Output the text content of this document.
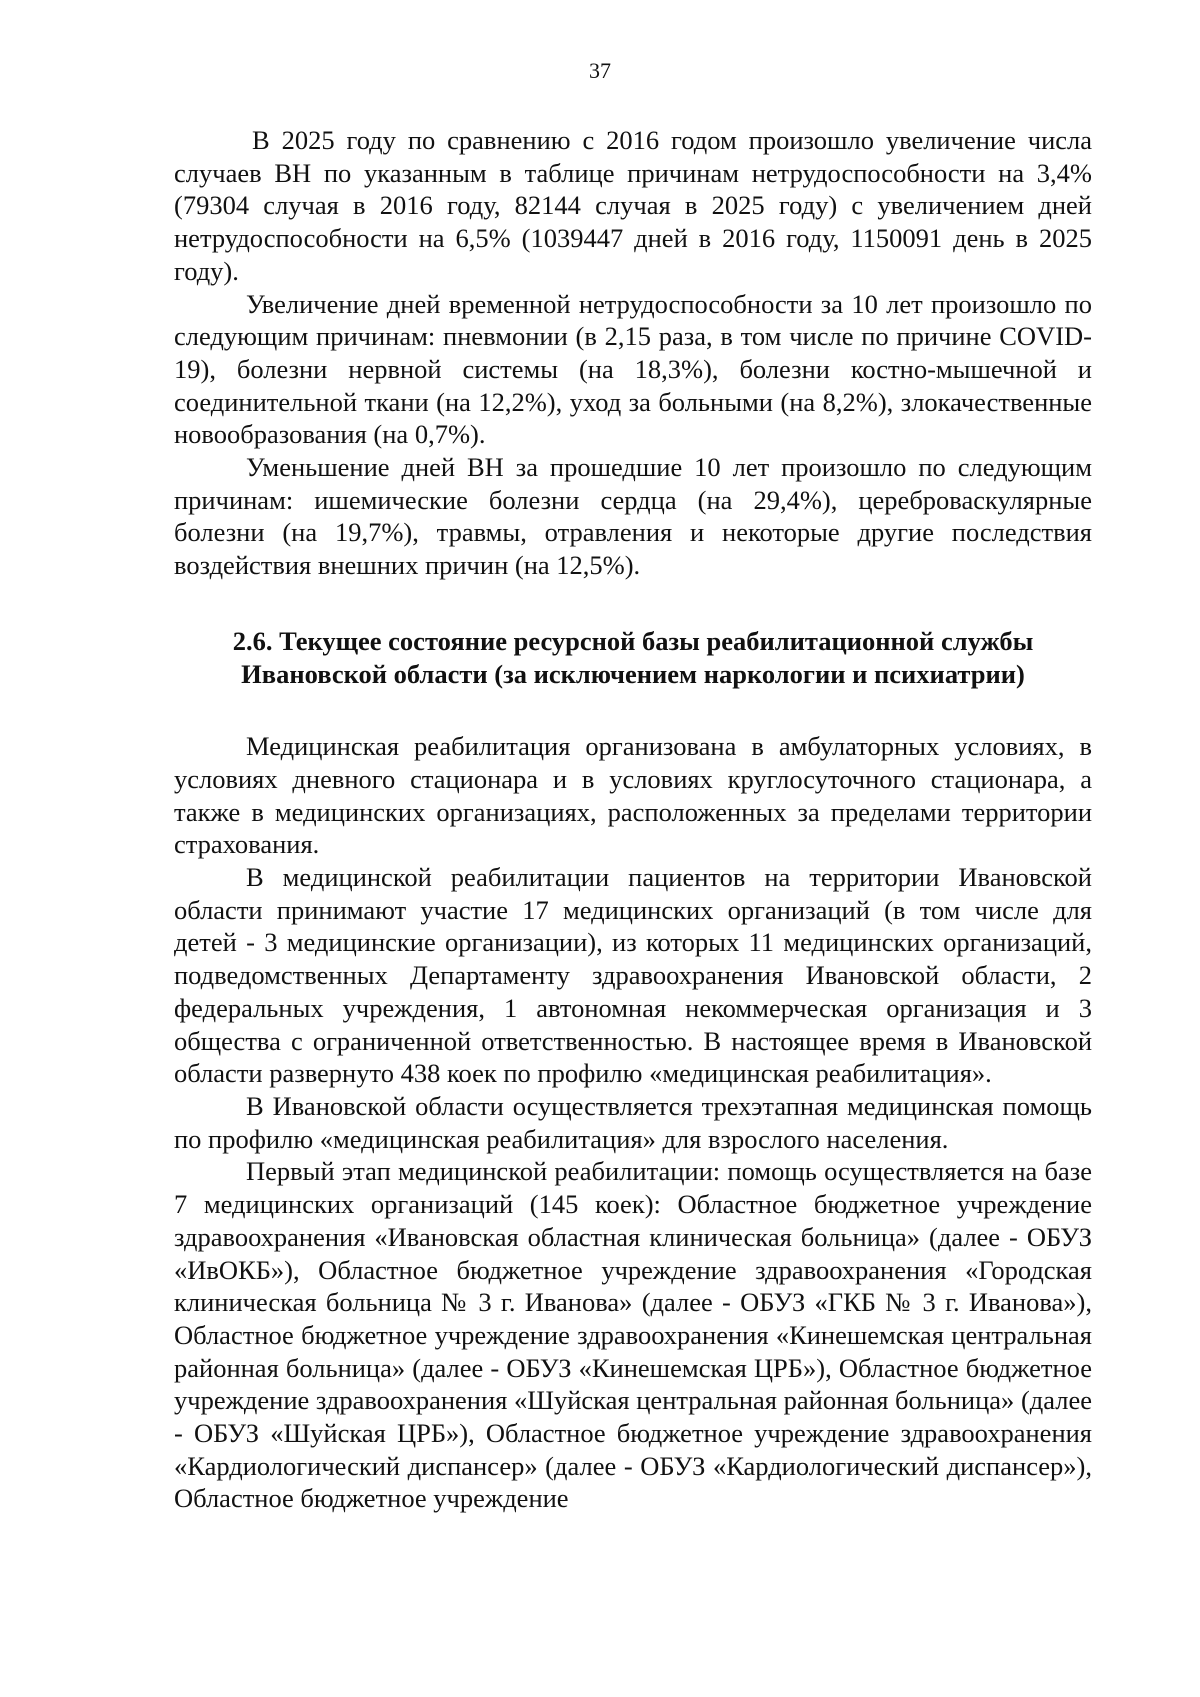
37

В 2025 году по сравнению с 2016 годом произошло увеличение числа случаев ВН по указанным в таблице причинам нетрудоспособности на 3,4% (79304 случая в 2016 году, 82144 случая в 2025 году) с увеличением дней нетрудоспособности на 6,5% (1039447 дней в 2016 году, 1150091 день в 2025 году).

Увеличение дней временной нетрудоспособности за 10 лет произошло по следующим причинам: пневмонии (в 2,15 раза, в том числе по причине COVID-19), болезни нервной системы (на 18,3%), болезни костно-мышечной и соединительной ткани (на 12,2%), уход за больными (на 8,2%), злокачественные новообразования (на 0,7%).

Уменьшение дней ВН за прошедшие 10 лет произошло по следующим причинам: ишемические болезни сердца (на 29,4%), цереброваскулярные болезни (на 19,7%), травмы, отравления и некоторые другие последствия воздействия внешних причин (на 12,5%).

2.6. Текущее состояние ресурсной базы реабилитационной службы
Ивановской области (за исключением наркологии и психиатрии)

Медицинская реабилитация организована в амбулаторных условиях, в условиях дневного стационара и в условиях круглосуточного стационара, а также в медицинских организациях, расположенных за пределами территории страхования.

В медицинской реабилитации пациентов на территории Ивановской области принимают участие 17 медицинских организаций (в том числе для детей - 3 медицинские организации), из которых 11 медицинских организаций, подведомственных Департаменту здравоохранения Ивановской области, 2 федеральных учреждения, 1 автономная некоммерческая организация и 3 общества с ограниченной ответственностью. В настоящее время в Ивановской области развернуто 438 коек по профилю «медицинская реабилитация».

В Ивановской области осуществляется трехэтапная медицинская помощь по профилю «медицинская реабилитация» для взрослого населения.

Первый этап медицинской реабилитации: помощь осуществляется на базе 7 медицинских организаций (145 коек): Областное бюджетное учреждение здравоохранения «Ивановская областная клиническая больница» (далее - ОБУЗ «ИвОКБ»), Областное бюджетное учреждение здравоохранения «Городская клиническая больница № 3 г. Иванова» (далее - ОБУЗ «ГКБ № 3 г. Иванова»), Областное бюджетное учреждение здравоохранения «Кинешемская центральная районная больница» (далее - ОБУЗ «Кинешемская ЦРБ»), Областное бюджетное учреждение здравоохранения «Шуйская центральная районная больница» (далее - ОБУЗ «Шуйская ЦРБ»), Областное бюджетное учреждение здравоохранения «Кардиологический диспансер» (далее - ОБУЗ «Кардиологический диспансер»), Областное бюджетное учреждение
